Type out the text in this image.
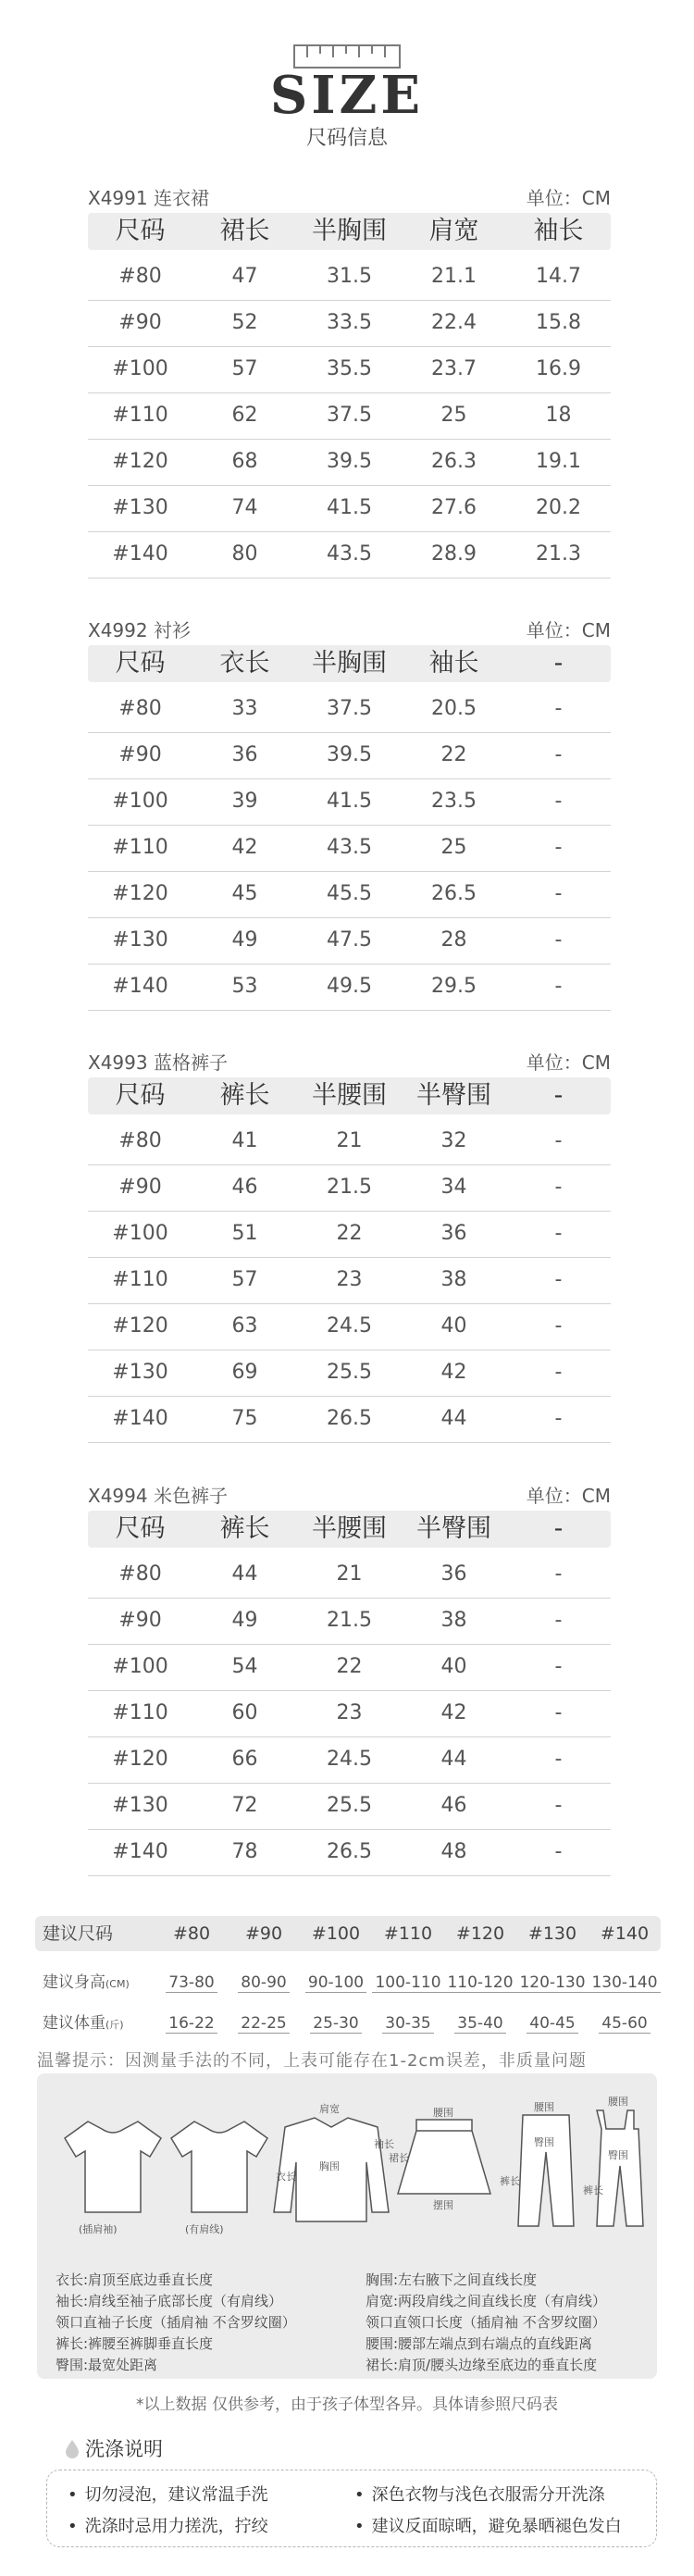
SIZE
尺码信息
X4991 连衣裙	单位：CM
尺码	裙长	半胸围	肩宽	袖长
#80	47	31.5	21.1	14.7
#90	52	33.5	22.4	15.8
#100	57	35.5	23.7	16.9
#110	62	37.5	25	18
#120	68	39.5	26.3	19.1
#130	74	41.5	27.6	20.2
#140	80	43.5	28.9	21.3
X4992 衬衫	单位：CM
尺码	衣长	半胸围	袖长	-
#80	33	37.5	20.5	-
#90	36	39.5	22	-
#100	39	41.5	23.5	-
#110	42	43.5	25	-
#120	45	45.5	26.5	-
#130	49	47.5	28	-
#140	53	49.5	29.5	-
X4993 蓝格裤子	单位：CM
尺码	裤长	半腰围	半臀围	-
#80	41	21	32	-
#90	46	21.5	34	-
#100	51	22	36	-
#110	57	23	38	-
#120	63	24.5	40	-
#130	69	25.5	42	-
#140	75	26.5	44	-
X4994 米色裤子	单位：CM
尺码	裤长	半腰围	半臀围	-
#80	44	21	36	-
#90	49	21.5	38	-
#100	54	22	40	-
#110	60	23	42	-
#120	66	24.5	44	-
#130	72	25.5	46	-
#140	78	26.5	48	-
建议尺码	#80	#90	#100	#110	#120	#130	#140
建议身高(CM)	73-80	80-90	90-100 100-110 110-120 120-130 130-140
建议体重(斤)	16-22	22-25	25-30	30-35	35-40	40-45	45-60
温馨提示：因测量手法的不同，上表可能存在1-2cm误差，非质量问题
(插肩袖)	(有肩线)
肩宽
胸围
衣长
袖长
腰围
裙长
摆围
腰围
臀围
裤长
腰围
臀围
裤长
衣长:肩顶至底边垂直长度
袖长:肩线至袖子底部长度（有肩线）
领口直袖子长度（插肩袖 不含罗纹圈）
裤长:裤腰至裤脚垂直长度
臀围:最宽处距离
胸围:左右腋下之间直线长度
肩宽:两段肩线之间直线长度（有肩线）
领口直领口长度（插肩袖 不含罗纹圈）
腰围:腰部左端点到右端点的直线距离
裙长:肩顶/腰头边缘至底边的垂直长度
*以上数据 仅供参考，由于孩子体型各异。具体请参照尺码表
洗涤说明
• 切勿浸泡，建议常温手洗	• 深色衣物与浅色衣服需分开洗涤
• 洗涤时忌用力搓洗，拧绞	• 建议反面晾晒，避免暴晒褪色发白
